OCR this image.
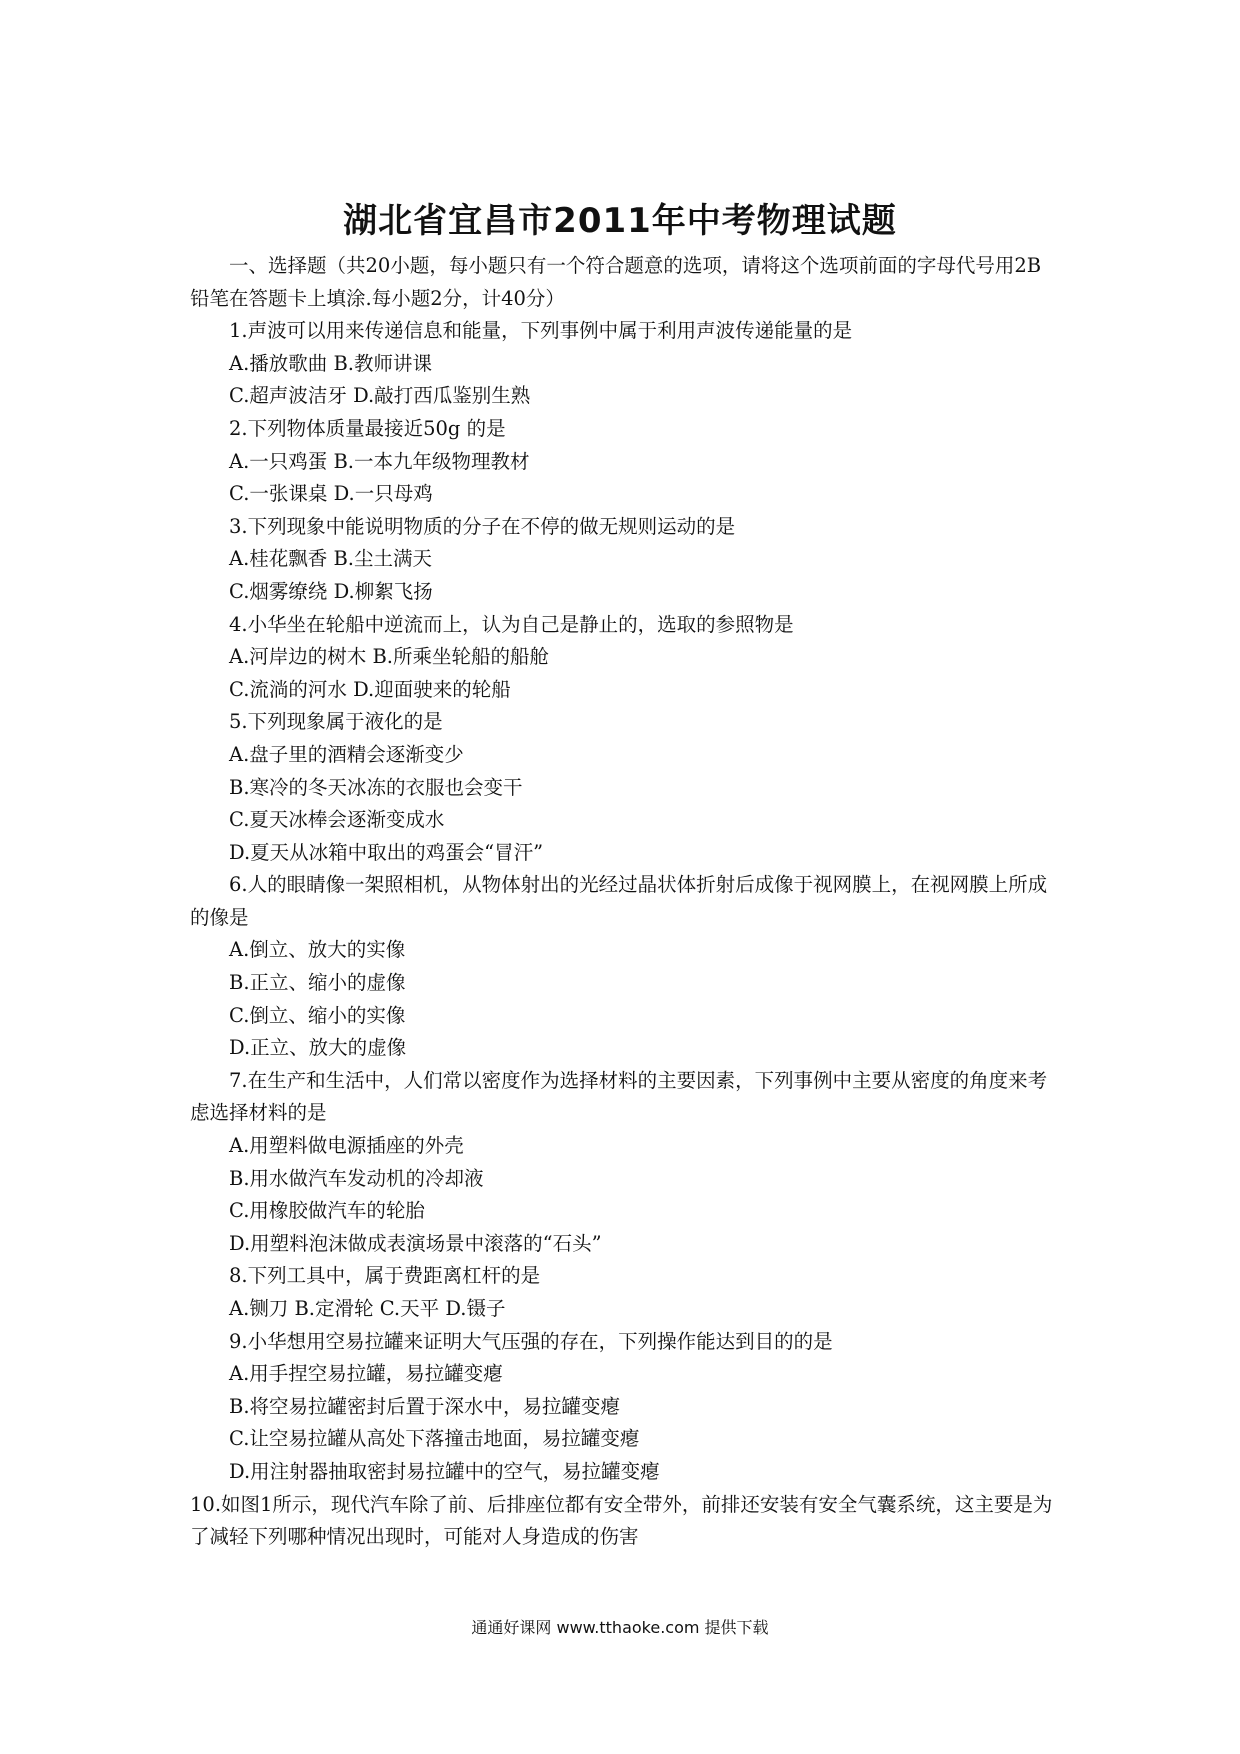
湖北省宜昌市2011年中考物理试题
一、选择题（共20小题，每小题只有一个符合题意的选项，请将这个选项前面的字母代号用2B铅笔在答题卡上填涂.每小题2分，计40分）
1.声波可以用来传递信息和能量，下列事例中属于利用声波传递能量的是
A.播放歌曲 B.教师讲课
C.超声波洁牙 D.敲打西瓜鉴别生熟
2.下列物体质量最接近50g 的是
A.一只鸡蛋 B.一本九年级物理教材
C.一张课桌 D.一只母鸡
3.下列现象中能说明物质的分子在不停的做无规则运动的是
A.桂花飘香 B.尘土满天
C.烟雾缭绕 D.柳絮飞扬
4.小华坐在轮船中逆流而上，认为自己是静止的，选取的参照物是
A.河岸边的树木 B.所乘坐轮船的船舱
C.流淌的河水 D.迎面驶来的轮船
5.下列现象属于液化的是
A.盘子里的酒精会逐渐变少
B.寒冷的冬天冰冻的衣服也会变干
C.夏天冰棒会逐渐变成水
D.夏天从冰箱中取出的鸡蛋会“冒汗”
6.人的眼睛像一架照相机，从物体射出的光经过晶状体折射后成像于视网膜上，在视网膜上所成的像是
A.倒立、放大的实像
B.正立、缩小的虚像
C.倒立、缩小的实像
D.正立、放大的虚像
7.在生产和生活中，人们常以密度作为选择材料的主要因素，下列事例中主要从密度的角度来考虑选择材料的是
A.用塑料做电源插座的外壳
B.用水做汽车发动机的冷却液
C.用橡胶做汽车的轮胎
D.用塑料泡沫做成表演场景中滚落的“石头”
8.下列工具中，属于费距离杠杆的是
A.铡刀 B.定滑轮 C.天平 D.镊子
9.小华想用空易拉罐来证明大气压强的存在，下列操作能达到目的的是
A.用手捏空易拉罐，易拉罐变瘪
B.将空易拉罐密封后置于深水中，易拉罐变瘪
C.让空易拉罐从高处下落撞击地面，易拉罐变瘪
D.用注射器抽取密封易拉罐中的空气，易拉罐变瘪
10.如图1所示，现代汽车除了前、后排座位都有安全带外，前排还安装有安全气囊系统，这主要是为了减轻下列哪种情况出现时，可能对人身造成的伤害
通通好课网 www.tthaoke.com 提供下载
